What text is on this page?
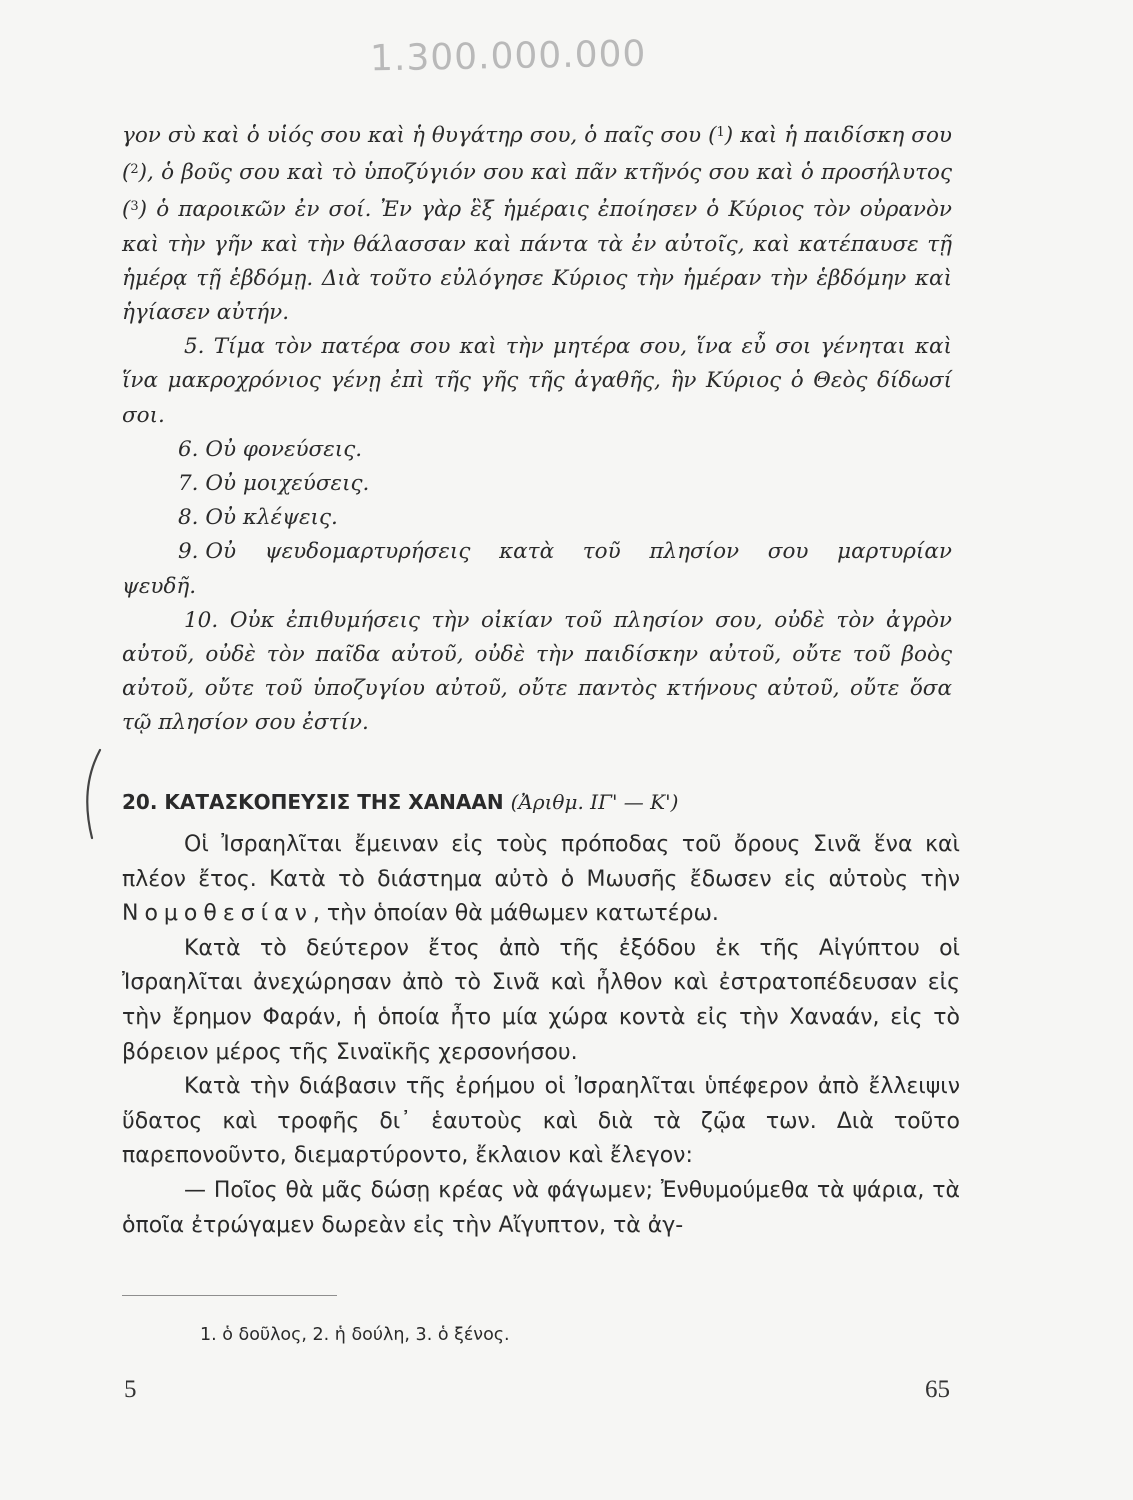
1.300.000.000

γον σὺ καὶ ὁ υἱός σου καὶ ἡ θυγάτηρ σου, ὁ παῖς σου ($^1$) καὶ ἡ παιδίσκη σου ($^2$), ὁ βοῦς σου καὶ τὸ ὑποζύγιόν σου καὶ πᾶν κτῆνός σου καὶ ὁ προσήλυτος ($^3$) ὁ παροικῶν ἐν σοί. Ἐν γὰρ ἓξ ἡμέραις ἐποίησεν ὁ Κύριος τὸν οὐρανὸν καὶ τὴν γῆν καὶ τὴν θάλασσαν καὶ πάντα τὰ ἐν αὐτοῖς, καὶ κατέπαυσε τῇ ἡμέρᾳ τῇ ἑβδόμῃ. Διὰ τοῦτο εὐλόγησε Κύριος τὴν ἡμέραν τὴν ἑβδόμην καὶ ἡγίασεν αὐτήν.

5. Τίμα τὸν πατέρα σου καὶ τὴν μητέρα σου, ἵνα εὖ σοι γένηται καὶ ἵνα μακροχρόνιος γένῃ ἐπὶ τῆς γῆς τῆς ἀγαθῆς, ἣν Κύριος ὁ Θεὸς δίδωσί σοι.

6. Οὐ φονεύσεις.

7. Οὐ μοιχεύσεις.

8. Οὐ κλέψεις.

9. Οὐ ψευδομαρτυρήσεις κατὰ τοῦ πλησίον σου μαρτυρίαν

ψευδῆ.

10. Οὐκ ἐπιθυμήσεις τὴν οἰκίαν τοῦ πλησίον σου, οὐδὲ τὸν ἀγρὸν αὐτοῦ, οὐδὲ τὸν παῖδα αὐτοῦ, οὐδὲ τὴν παιδίσκην αὐτοῦ, οὔτε τοῦ βοὸς αὐτοῦ, οὔτε τοῦ ὑποζυγίου αὐτοῦ, οὔτε παντὸς κτήνους αὐτοῦ, οὔτε ὅσα τῷ πλησίον σου ἐστίν.

20. ΚΑΤΑΣΚΟΠΕΥΣΙΣ ΤΗΣ ΧΑΝΑΑΝ (Ἀριθμ. ΙΓ' — Κ')

Οἱ Ἰσραηλῖται ἔμειναν εἰς τοὺς πρόποδας τοῦ ὄρους Σινᾶ ἕνα καὶ πλέον ἔτος. Κατὰ τὸ διάστημα αὐτὸ ὁ Μωυσῆς ἔδωσεν εἰς αὐτοὺς τὴν Νομοθεσίαν, τὴν ὁποίαν θὰ μάθωμεν κατωτέρω.

Κατὰ τὸ δεύτερον ἔτος ἀπὸ τῆς ἐξόδου ἐκ τῆς Αἰγύπτου οἱ Ἰσραηλῖται ἀνεχώρησαν ἀπὸ τὸ Σινᾶ καὶ ἦλθον καὶ ἐστρατοπέδευσαν εἰς τὴν ἔρημον Φαράν, ἡ ὁποία ἦτο μία χώρα κοντὰ εἰς τὴν Χαναάν, εἰς τὸ βόρειον μέρος τῆς Σιναϊκῆς χερσονήσου.

Κατὰ τὴν διάβασιν τῆς ἐρήμου οἱ Ἰσραηλῖται ὑπέφερον ἀπὸ ἔλλειψιν ὕδατος καὶ τροφῆς δι᾿ ἑαυτοὺς καὶ διὰ τὰ ζῷα των. Διὰ τοῦτο παρεπονοῦντο, διεμαρτύροντο, ἔκλαιον καὶ ἔλεγον:

— Ποῖος θὰ μᾶς δώσῃ κρέας νὰ φάγωμεν; Ἐνθυμούμεθα τὰ ψάρια, τὰ ὁποῖα ἐτρώγαμεν δωρεὰν εἰς τὴν Αἴγυπτον, τὰ ἀγ-

1. ὁ δοῦλος, 2. ἡ δούλη, 3. ὁ ξένος.
5	65
